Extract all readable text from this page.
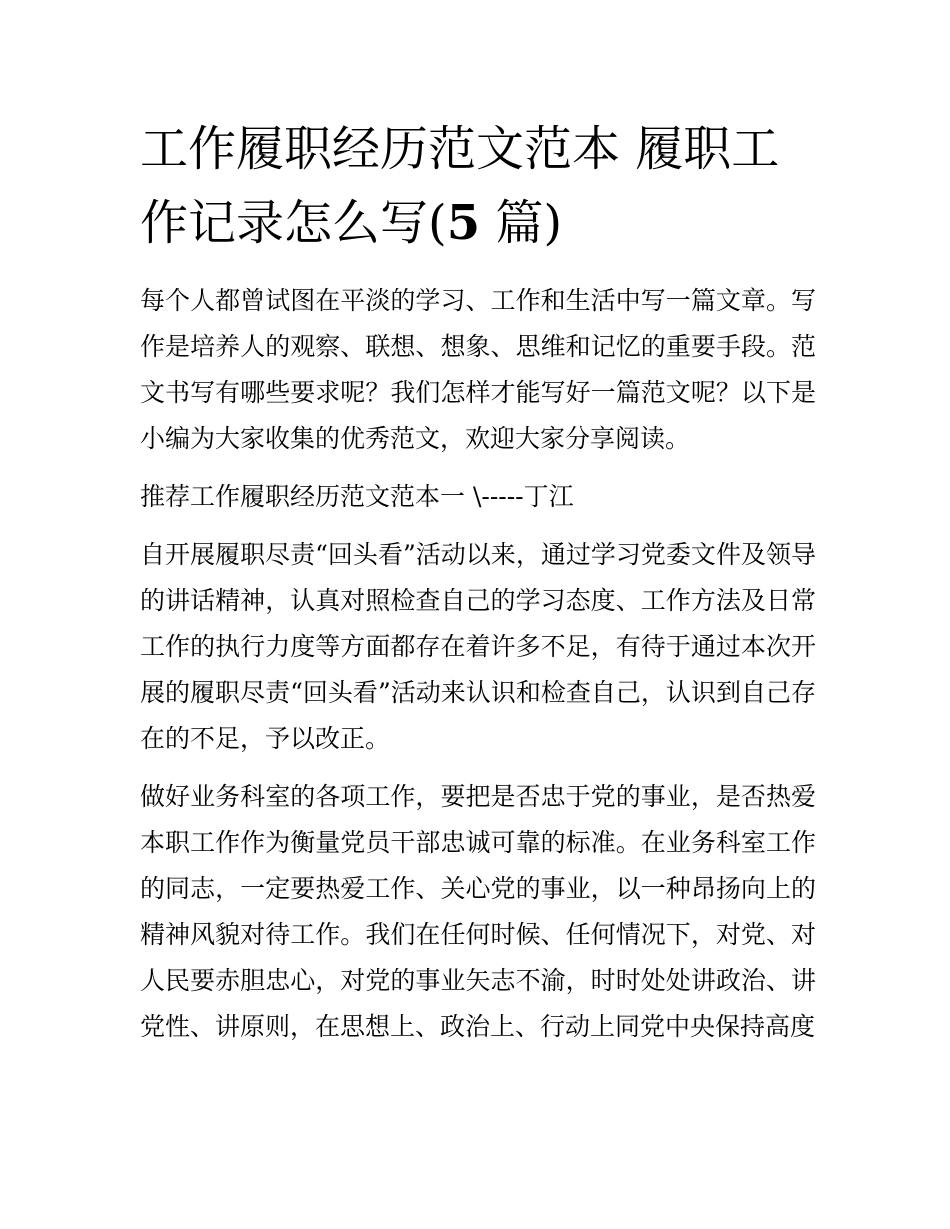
工作履职经历范文范本 履职工作记录怎么写(5 篇)

每个人都曾试图在平淡的学习、工作和生活中写一篇文章。写作是培养人的观察、联想、想象、思维和记忆的重要手段。范文书写有哪些要求呢？我们怎样才能写好一篇范文呢？以下是小编为大家收集的优秀范文，欢迎大家分享阅读。

推荐工作履职经历范文范本一 \-----丁江

自开展履职尽责“回头看”活动以来，通过学习党委文件及领导的讲话精神，认真对照检查自己的学习态度、工作方法及日常工作的执行力度等方面都存在着许多不足，有待于通过本次开展的履职尽责“回头看”活动来认识和检查自己，认识到自己存在的不足，予以改正。

做好业务科室的各项工作，要把是否忠于党的事业，是否热爱本职工作作为衡量党员干部忠诚可靠的标准。在业务科室工作的同志，一定要热爱工作、关心党的事业，以一种昂扬向上的精神风貌对待工作。我们在任何时候、任何情况下，对党、对人民要赤胆忠心，对党的事业矢志不渝，时时处处讲政治、讲党性、讲原则，在思想上、政治上、行动上同党中央保持高度
